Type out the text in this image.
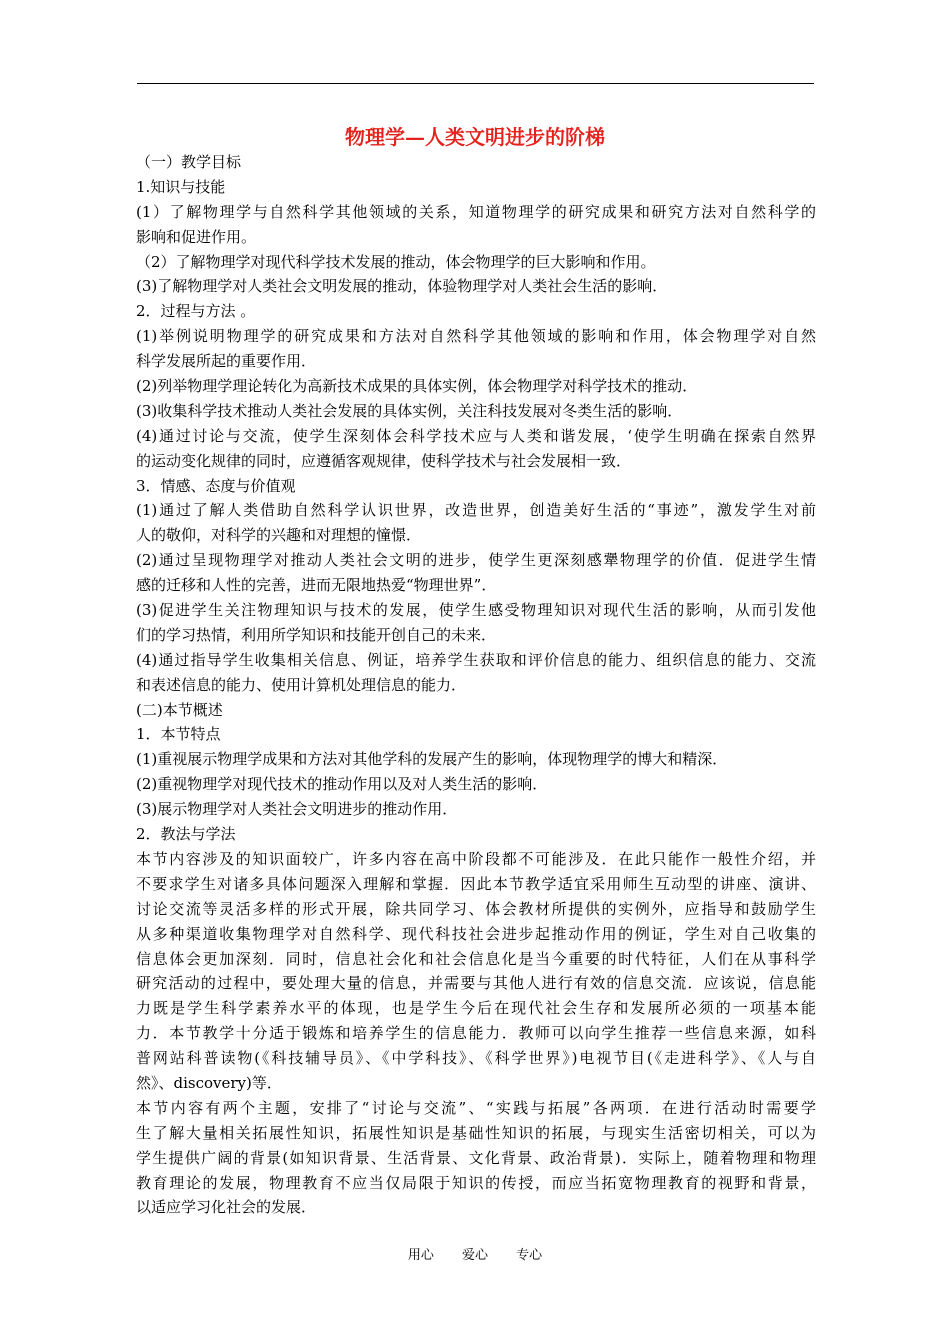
物理学—人类文明进步的阶梯
（一）教学目标
1.知识与技能
(1）了解物理学与自然科学其他领域的关系，知道物理学的研究成果和研究方法对自然科学的
影响和促进作用。
（2）了解物理学对现代科学技术发展的推动，体会物理学的巨大影响和作用。
(3)了解物理学对人类社会文明发展的推动，体验物理学对人类社会生活的影响．
2．过程与方法 。
(1)举例说明物理学的研究成果和方法对自然科学其他领域的影响和作用，体会物理学对自然
科学发展所起的重要作用．
(2)列举物理学理论转化为高新技术成果的具体实例，体会物理学对科学技术的推动．
(3)收集科学技术推动人类社会发展的具体实例，关注科技发展对冬类生活的影响．
(4)通过讨论与交流，使学生深刻体会科学技术应与人类和谐发展，‘使学生明确在探索自然界
的运动变化规律的同时，应遵循客观规律，使科学技术与社会发展相一致．
3．情感、态度与价值观
(1)通过了解人类借助自然科学认识世界，改造世界，创造美好生活的“事迹”，激发学生对前
人的敬仰，对科学的兴趣和对理想的憧憬．
(2)通过呈现物理学对推动人类社会文明的进步，使学生更深刻感犟物理学的价值．促进学生情
感的迁移和人性的完善，进而无限地热爱“物理世界”．
(3)促进学生关注物理知识与技术的发展，使学生感受物理知识对现代生活的影响，从而引发他
们的学习热情，利用所学知识和技能开创自己的未来．
(4)通过指导学生收集相关信息、例证，培养学生获取和评价信息的能力、组织信息的能力、交流
和表述信息的能力、使用计算机处理信息的能力．
(二)本节概述
1．本节特点
(1)重视展示物理学成果和方法对其他学科的发展产生的影响，体现物理学的博大和精深．
(2)重视物理学对现代技术的推动作用以及对人类生活的影响．
(3)展示物理学对人类社会文明进步的推动作用．
2．教法与学法
本节内容涉及的知识面较广，许多内容在高中阶段都不可能涉及．在此只能作一般性介绍，并
不要求学生对诸多具体问题深入理解和掌握．因此本节教学适宜采用师生互动型的讲座、演讲、
讨论交流等灵活多样的形式开展，除共同学习、体会教材所提供的实例外，应指导和鼓励学生
从多种渠道收集物理学对自然科学、现代科技社会进步起推动作用的例证，学生对自己收集的
信息体会更加深刻．同时，信息社会化和社会信息化是当今重要的时代特征，人们在从事科学
研究活动的过程中，要处理大量的信息，并需要与其他人进行有效的信息交流．应该说，信息能
力既是学生科学素养水平的体现，也是学生今后在现代社会生存和发展所必须的一项基本能
力．本节教学十分适于锻炼和培养学生的信息能力．教师可以向学生推荐一些信息来源，如科
普网站科普读物(《科技辅导员》、《中学科技》、《科学世界》)电视节目(《走进科学》、《人与自
然》、discovery)等．
本节内容有两个主题，安排了“讨论与交流”、“实践与拓展”各两项．在进行活动时需要学
生了解大量相关拓展性知识，拓展性知识是基础性知识的拓展，与现实生活密切相关，可以为
学生提供广阔的背景(如知识背景、生活背景、文化背景、政治背景)．实际上，随着物理和物理
教育理论的发展，物理教育不应当仅局限于知识的传授，而应当拓宽物理教育的视野和背景，
以适应学习化社会的发展．
用心 爱心 专心
